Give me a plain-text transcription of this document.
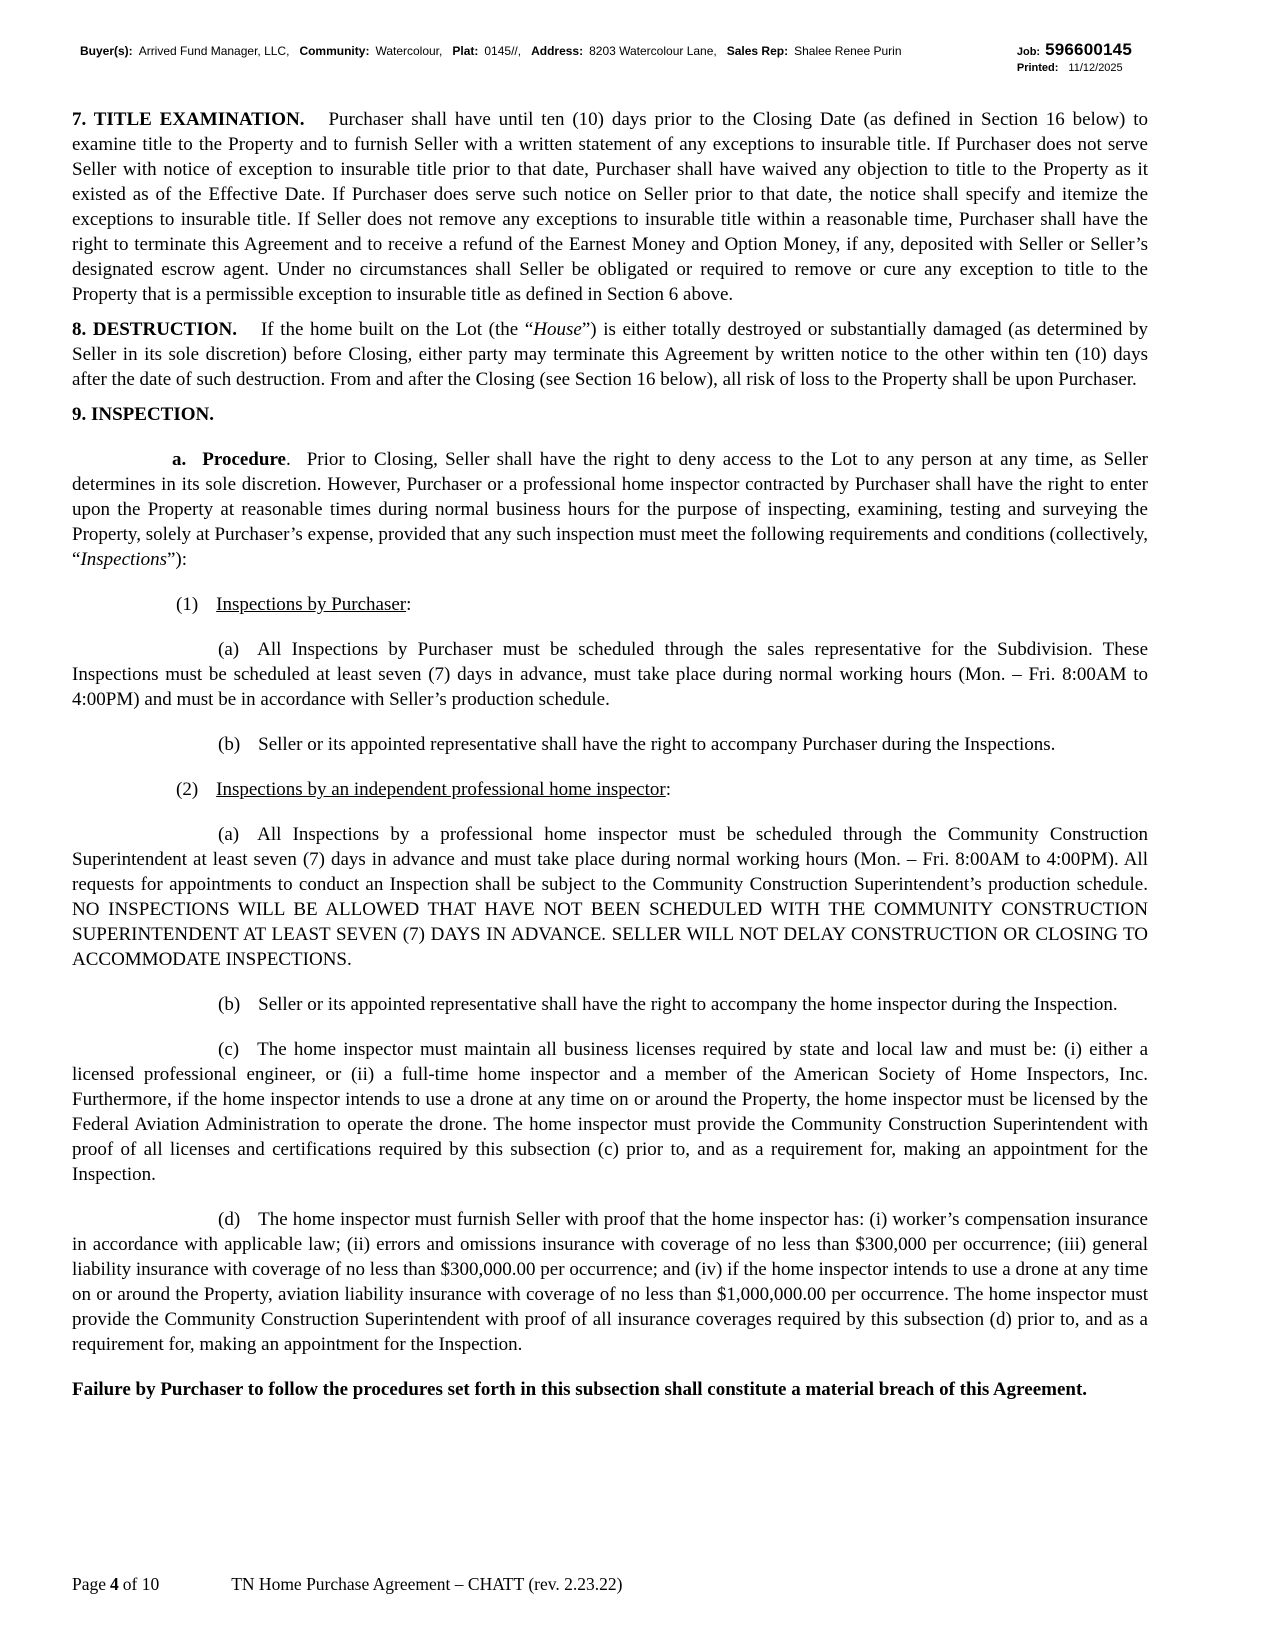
Buyer(s): Arrived Fund Manager, LLC, Community: Watercolour, Plat: 0145//, Address: 8203 Watercolour Lane, Sales Rep: Shalee Renee Purin	Job: 596600145
Printed: 11/12/2025

7. TITLE EXAMINATION. Purchaser shall have until ten (10) days prior to the Closing Date (as defined in Section 16 below) to examine title to the Property and to furnish Seller with a written statement of any exceptions to insurable title. If Purchaser does not serve Seller with notice of exception to insurable title prior to that date, Purchaser shall have waived any objection to title to the Property as it existed as of the Effective Date. If Purchaser does serve such notice on Seller prior to that date, the notice shall specify and itemize the exceptions to insurable title. If Seller does not remove any exceptions to insurable title within a reasonable time, Purchaser shall have the right to terminate this Agreement and to receive a refund of the Earnest Money and Option Money, if any, deposited with Seller or Seller’s designated escrow agent. Under no circumstances shall Seller be obligated or required to remove or cure any exception to title to the Property that is a permissible exception to insurable title as defined in Section 6 above.

8. DESTRUCTION. If the home built on the Lot (the “House”) is either totally destroyed or substantially damaged (as determined by Seller in its sole discretion) before Closing, either party may terminate this Agreement by written notice to the other within ten (10) days after the date of such destruction. From and after the Closing (see Section 16 below), all risk of loss to the Property shall be upon Purchaser.

9. INSPECTION.

a. Procedure. Prior to Closing, Seller shall have the right to deny access to the Lot to any person at any time, as Seller determines in its sole discretion. However, Purchaser or a professional home inspector contracted by Purchaser shall have the right to enter upon the Property at reasonable times during normal business hours for the purpose of inspecting, examining, testing and surveying the Property, solely at Purchaser’s expense, provided that any such inspection must meet the following requirements and conditions (collectively, “Inspections”):

(1) Inspections by Purchaser:

(a) All Inspections by Purchaser must be scheduled through the sales representative for the Subdivision. These Inspections must be scheduled at least seven (7) days in advance, must take place during normal working hours (Mon. – Fri. 8:00AM to 4:00PM) and must be in accordance with Seller’s production schedule.

(b) Seller or its appointed representative shall have the right to accompany Purchaser during the Inspections.

(2) Inspections by an independent professional home inspector:

(a) All Inspections by a professional home inspector must be scheduled through the Community Construction Superintendent at least seven (7) days in advance and must take place during normal working hours (Mon. – Fri. 8:00AM to 4:00PM). All requests for appointments to conduct an Inspection shall be subject to the Community Construction Superintendent’s production schedule. NO INSPECTIONS WILL BE ALLOWED THAT HAVE NOT BEEN SCHEDULED WITH THE COMMUNITY CONSTRUCTION SUPERINTENDENT AT LEAST SEVEN (7) DAYS IN ADVANCE. SELLER WILL NOT DELAY CONSTRUCTION OR CLOSING TO ACCOMMODATE INSPECTIONS.

(b) Seller or its appointed representative shall have the right to accompany the home inspector during the Inspection.

(c) The home inspector must maintain all business licenses required by state and local law and must be: (i) either a licensed professional engineer, or (ii) a full-time home inspector and a member of the American Society of Home Inspectors, Inc. Furthermore, if the home inspector intends to use a drone at any time on or around the Property, the home inspector must be licensed by the Federal Aviation Administration to operate the drone. The home inspector must provide the Community Construction Superintendent with proof of all licenses and certifications required by this subsection (c) prior to, and as a requirement for, making an appointment for the Inspection.

(d) The home inspector must furnish Seller with proof that the home inspector has: (i) worker’s compensation insurance in accordance with applicable law; (ii) errors and omissions insurance with coverage of no less than $300,000 per occurrence; (iii) general liability insurance with coverage of no less than $300,000.00 per occurrence; and (iv) if the home inspector intends to use a drone at any time on or around the Property, aviation liability insurance with coverage of no less than $1,000,000.00 per occurrence. The home inspector must provide the Community Construction Superintendent with proof of all insurance coverages required by this subsection (d) prior to, and as a requirement for, making an appointment for the Inspection.

Failure by Purchaser to follow the procedures set forth in this subsection shall constitute a material breach of this Agreement.

Page 4 of 10	TN Home Purchase Agreement – CHATT (rev. 2.23.22)
